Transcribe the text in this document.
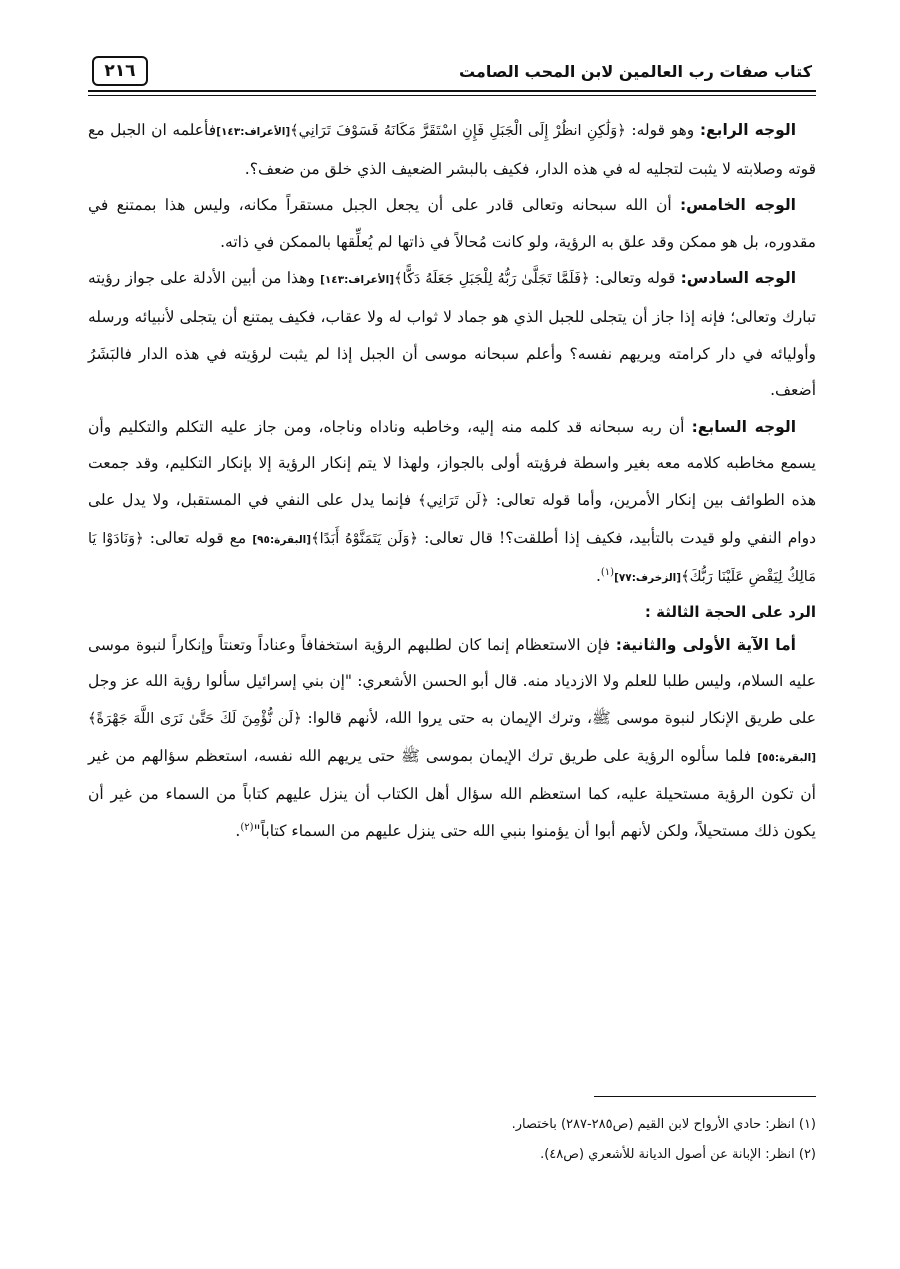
كتاب صفات رب العالمين لابن المحب الصامت
٢١٦

الوجه الرابع: وهو قوله: ﴿وَلَٰكِنِ انظُرْ إِلَى الْجَبَلِ فَإِنِ اسْتَقَرَّ مَكَانَهُ فَسَوْفَ تَرَانِي﴾[الأعراف:١٤٣]فأعلمه ان الجبل مع قوته وصلابته لا يثبت لتجليه له في هذه الدار، فكيف بالبشر الضعيف الذي خلق من ضعف؟.

الوجه الخامس: أن الله سبحانه وتعالى قادر على أن يجعل الجبل مستقراً مكانه، وليس هذا بممتنع في مقدوره، بل هو ممكن وقد علق به الرؤية، ولو كانت مُحالاً في ذاتها لم يُعلِّقها بالممكن في ذاته.

الوجه السادس: قوله وتعالى: ﴿فَلَمَّا تَجَلَّىٰ رَبُّهُ لِلْجَبَلِ جَعَلَهُ دَكًّا﴾[الأعراف:١٤٣] وهذا من أبين الأدلة على جواز رؤيته تبارك وتعالى؛ فإنه إذا جاز أن يتجلى للجبل الذي هو جماد لا ثواب له ولا عقاب، فكيف يمتنع أن يتجلى لأنبيائه ورسله وأوليائه في دار كرامته ويريهم نفسه؟ وأعلم سبحانه موسى أن الجبل إذا لم يثبت لرؤيته في هذه الدار فالبَشَرُ أضعف.

الوجه السابع: أن ربه سبحانه قد كلمه منه إليه، وخاطبه وناداه وناجاه، ومن جاز عليه التكلم والتكليم وأن يسمع مخاطبه كلامه معه بغير واسطة فرؤيته أولى بالجواز، ولهذا لا يتم إنكار الرؤية إلا بإنكار التكليم، وقد جمعت هذه الطوائف بين إنكار الأمرين، وأما قوله تعالى: ﴿لَن تَرَانِي﴾ فإنما يدل على النفي في المستقبل، ولا يدل على دوام النفي ولو قيدت بالتأبيد، فكيف إذا أطلقت؟! قال تعالى: ﴿وَلَن يَتَمَنَّوْهُ أَبَدًا﴾[البقرة:٩٥] مع قوله تعالى: ﴿وَنَادَوْا يَا مَالِكُ لِيَقْضِ عَلَيْنَا رَبُّكَ﴾[الزخرف:٧٧]$^{(١)}$.

الرد على الحجة الثالثة :

أما الآية الأولى والثانية: فإن الاستعظام إنما كان لطلبهم الرؤية استخفافاً وعناداً وتعنتاً وإنكاراً لنبوة موسى عليه السلام، وليس طلبا للعلم ولا الازدياد منه. قال أبو الحسن الأشعري: "إن بني إسرائيل سألوا رؤية الله عز وجل على طريق الإنكار لنبوة موسى ﷺ، وترك الإيمان به حتى يروا الله، لأنهم قالوا: ﴿لَن نُّؤْمِنَ لَكَ حَتَّىٰ نَرَى اللَّهَ جَهْرَةً﴾[البقرة:٥٥] فلما سألوه الرؤية على طريق ترك الإيمان بموسى ﷺ حتى يريهم الله نفسه، استعظم سؤالهم من غير أن تكون الرؤية مستحيلة عليه، كما استعظم الله سؤال أهل الكتاب أن ينزل عليهم كتاباً من السماء من غير أن يكون ذلك مستحيلاً، ولكن لأنهم أبوا أن يؤمنوا بنبي الله حتى ينزل عليهم من السماء كتاباً"$^{(٢)}$.

(١) انظر: حادي الأرواح لابن القيم (ص٢٨٥-٢٨٧) باختصار.
(٢) انظر: الإبانة عن أصول الديانة للأشعري (ص٤٨).
